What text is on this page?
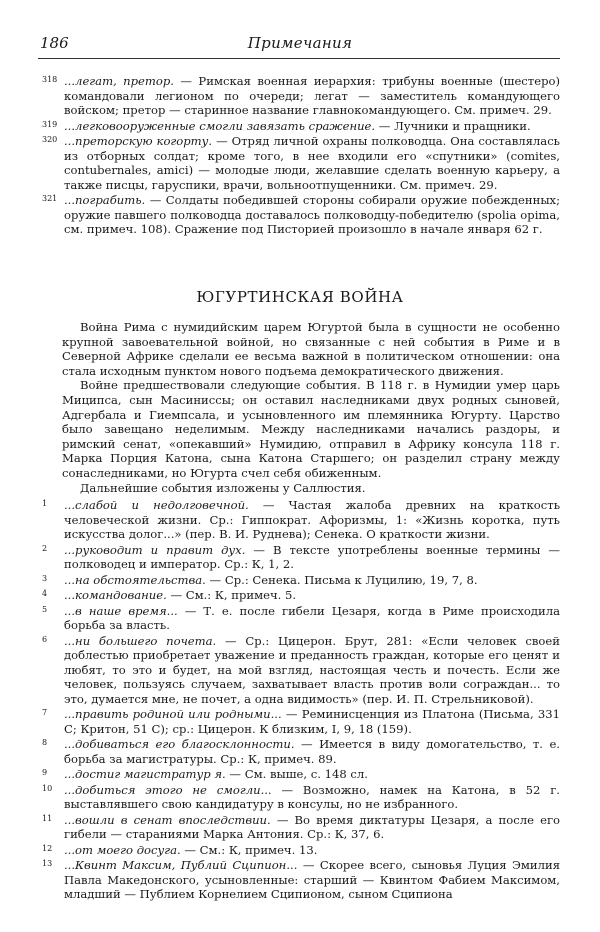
186	Примечания
318 ...легат, претор. — Римская военная иерархия: трибуны военные (шестеро) командовали легионом по очереди; легат — заместитель командующего войском; претор — старинное название главнокомандующего. См. примеч. 29.
319 ...легковооруженные смогли завязать сражение. — Лучники и пращники.
320 ...преторскую когорту. — Отряд личной охраны полководца. Она составлялась из отборных солдат; кроме того, в нее входили его «спутники» (comites, contubernales, amici) — молодые люди, желавшие сделать военную карьеру, а также писцы, гаруспики, врачи, вольноотпущенники. См. примеч. 29.
321 ...пограбить. — Солдаты победившей стороны собирали оружие побежденных; оружие павшего полководца доставалось полководцу-победителю (spolia opima, см. примеч. 108). Сражение под Писторией произошло в начале января 62 г.
ЮГУРТИНСКАЯ ВОЙНА

Война Рима с нумидийским царем Югуртой была в сущности не особенно крупной завоевательной войной, но связанные с ней события в Риме и в Северной Африке сделали ее весьма важной в политическом отношении: она стала исходным пунктом нового подъема демократического движения.

Войне предшествовали следующие события. В 118 г. в Нумидии умер царь Миципса, сын Масиниссы; он оставил наследниками двух родных сыновей, Адгербала и Гиемпсала, и усыновленного им племянника Югурту. Царство было завещано неделимым. Между наследниками начались раздоры, и римский сенат, «опекавший» Нумидию, отправил в Африку консула 118 г. Марка Порция Катона, сына Катона Старшего; он разделил страну между сонаследниками, но Югурта счел себя обиженным.

Дальнейшие события изложены у Саллюстия.

1 ...слабой и недолговечной. — Частая жалоба древних на краткость человеческой жизни. Ср.: Гиппократ. Афоризмы, 1: «Жизнь коротка, путь искусства долог...» (пер. В. И. Руднева); Сенека. О краткости жизни.
2 ...руководит и правит дух. — В тексте употреблены военные термины — полководец и император. Ср.: К, 1, 2.
3 ...на обстоятельства. — Ср.: Сенека. Письма к Луцилию, 19, 7, 8.
4 ...командование. — См.: К, примеч. 5.
5 ...в наше время... — Т. е. после гибели Цезаря, когда в Риме происходила борьба за власть.
6 ...ни большего почета. — Ср.: Цицерон. Брут, 281: «Если человек своей доблестью приобретает уважение и преданность граждан, которые его ценят и любят, то это и будет, на мой взгляд, настоящая честь и почесть. Если же человек, пользуясь случаем, захватывает власть против воли сограждан... то это, думается мне, не почет, а одна видимость» (пер. И. П. Стрельниковой).
7 ...править родиной или родными... — Реминисценция из Платона (Письма, 331 С; Критон, 51 С); ср.: Цицерон. К близким, I, 9, 18 (159).
8 ...добиваться его благосклонности. — Имеется в виду домогательство, т. е. борьба за магистратуры. Ср.: К, примеч. 89.
9 ...достиг магистратур я. — См. выше, с. 148 сл.
10 ...добиться этого не смогли... — Возможно, намек на Катона, в 52 г. выставлявшего свою кандидатуру в консулы, но не избранного.
11 ...вошли в сенат впоследствии. — Во время диктатуры Цезаря, а после его гибели — стараниями Марка Антония. Ср.: К, 37, 6.
12 ...от моего досуга. — См.: К, примеч. 13.
13 ...Квинт Максим, Публий Сципион... — Скорее всего, сыновья Луция Эмилия Павла Македонского, усыновленные: старший — Квинтом Фабием Максимом, младший — Публием Корнелием Сципионом, сыном Сципиона
